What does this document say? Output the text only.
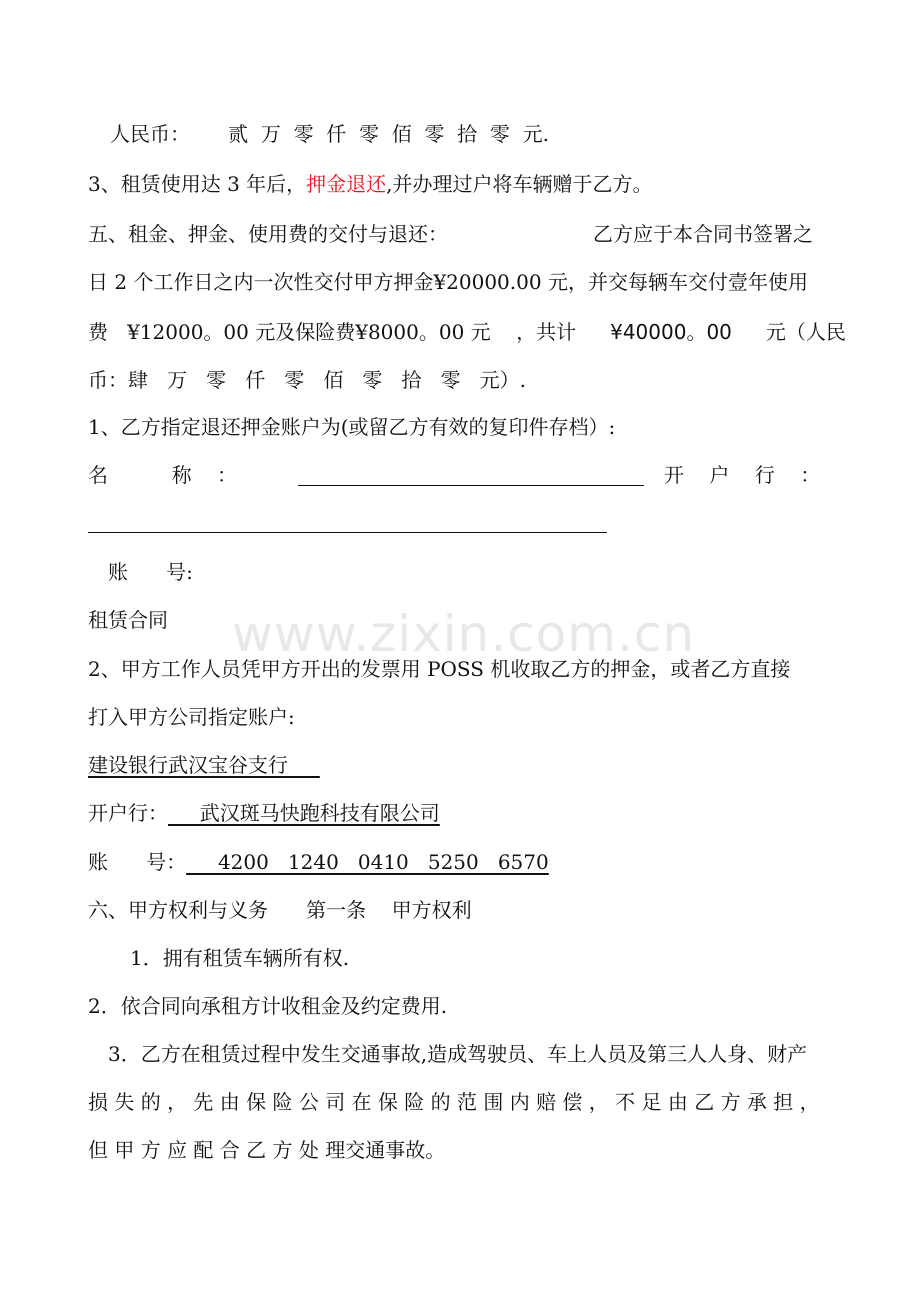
www.zixin.com.cn
人民币：      贰  万  零  仟  零  佰  零  拾  零  元.
3、租赁使用达 3 年后，押金退还,并办理过户将车辆赠于乙方。
五、租金、押金、使用费的交付与退还：	乙方应于本合同书签署之
日 2 个工作日之内一次性交付甲方押金¥20000.00 元，并交每辆车交付壹年使用
费   ¥12000。00 元及保险费¥8000。00 元    ，共计 ¥40000。00 元（人民
币：肆   万   零   仟   零   佰   零   拾   零   元）.
1、乙方指定退还押金账户为(或留乙方有效的复印件存档）:
名          称    ：	开    户    行    ：
账      号:
租赁合同
2、甲方工作人员凭甲方开出的发票用 POSS 机收取乙方的押金，或者乙方直接
打入甲方公司指定账户:
建设银行武汉宝谷支行
开户行：     武汉斑马快跑科技有限公司
账      号：     4200   1240   0410   5250   6570
六、甲方权利与义务      第一条    甲方权利
1．拥有租赁车辆所有权.
2．依合同向承租方计收租金及约定费用.
3．乙方在租赁过程中发生交通事故,造成驾驶员、车上人员及第三人人身、财产
损 失 的 ， 先 由 保 险 公 司 在 保 险 的 范 围 内 赔 偿 ， 不 足 由 乙 方 承 担 ，
但 甲 方 应 配 合 乙 方 处 理交通事故。
